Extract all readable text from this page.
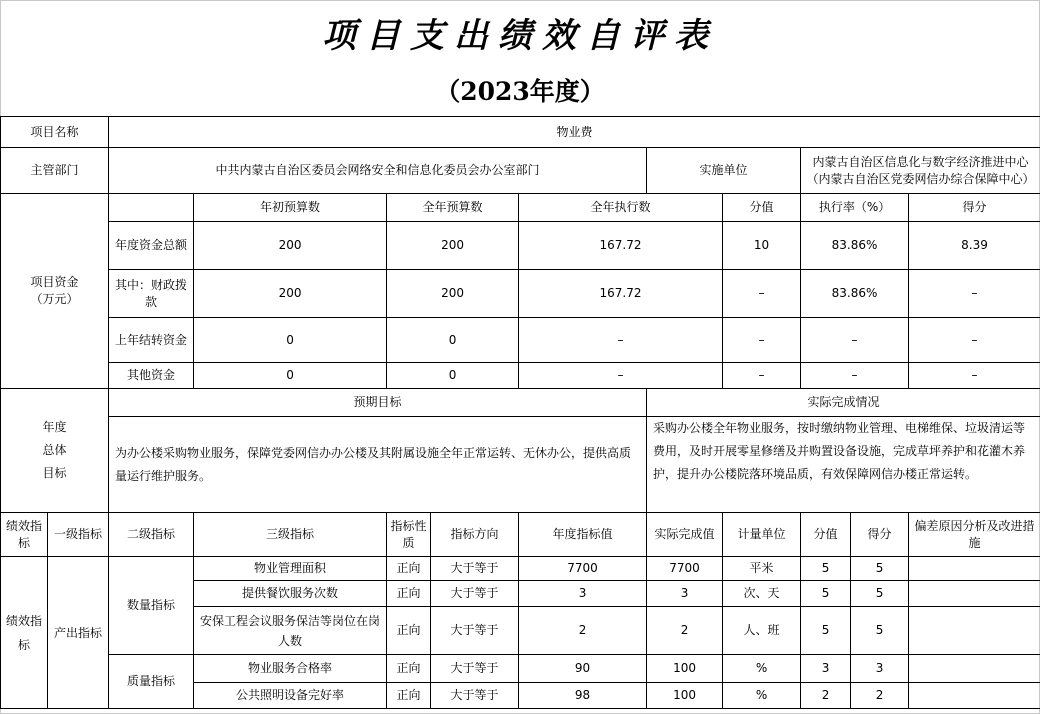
项目支出绩效自评表
（2023年度）
项目名称		物业费									
主管部门		中共内蒙古自治区委员会网络安全和信息化委员会办公室部门					实施单位		内蒙古自治区信息化与数字经济推进中心（内蒙古自治区党委网信办综合保障中心）		

项目资金
（万元）			年初预算数	全年预算数		全年执行数		分值	执行率（%）		得分
		年度资金总额	200	200		167.72		10	83.86%		8.39
		其中：财政拨款	200	200		167.72		–	83.86%		–
		上年结转资金	0	0		–		–	–		–
		其他资金	0	0		–		–	–		–

年度
总体
目标		预期目标					实际完成情况				
		为办公楼采购物业服务，保障党委网信办办公楼及其附属设施全年正常运转、无休办公，提供高质量运行维护服务。					采购办公楼全年物业服务，按时缴纳物业管理、电梯维保、垃圾清运等费用，及时开展零星修缮及并购置设备设施，完成草坪养护和花灌木养护，提升办公楼院落环境品质，有效保障网信办楼正常运转。				
绩效指标	一级指标	二级指标	三级指标	指标性质	指标方向	年度指标值	实际完成值	计量单位	分值	得分	偏差原因分析及改进措施
绩效指标	产出指标	数量指标	物业管理面积	正向	大于等于	7700	7700	平米	5	5	
			提供餐饮服务次数	正向	大于等于	3	3	次、天	5	5	
			安保工程会议服务保洁等岗位在岗人数	正向	大于等于	2	2	人、班	5	5	
		质量指标	物业服务合格率	正向	大于等于	90	100	%	3	3	
			公共照明设备完好率	正向	大于等于	98	100	%	2	2	
